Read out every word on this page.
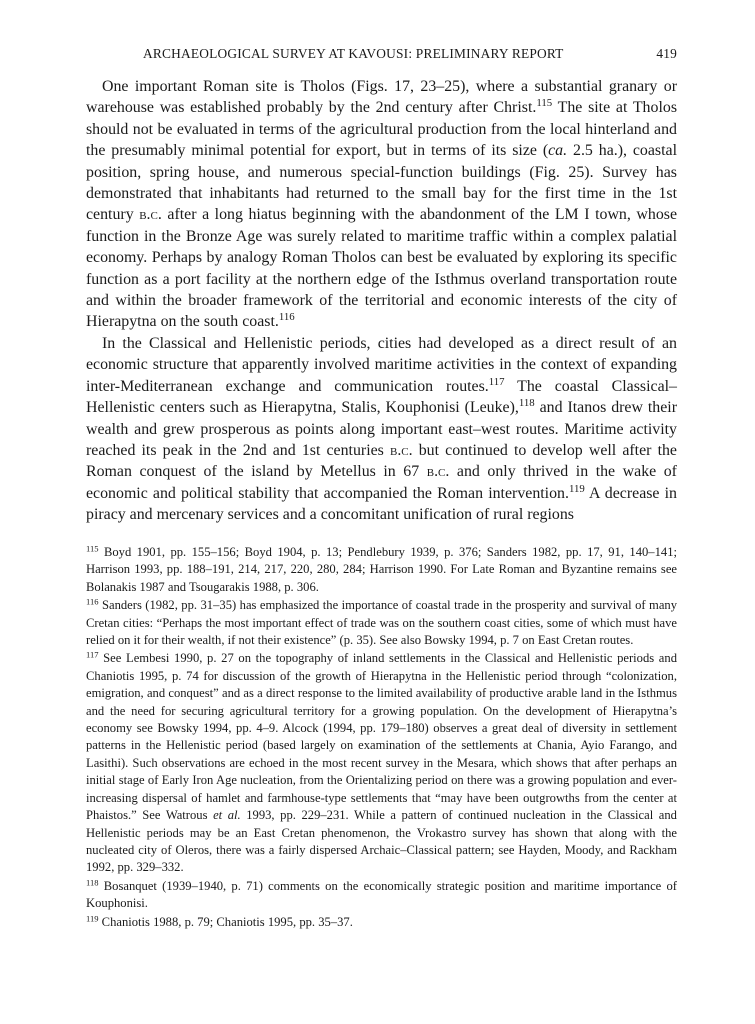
ARCHAEOLOGICAL SURVEY AT KAVOUSI: PRELIMINARY REPORT	419

One important Roman site is Tholos (Figs. 17, 23–25), where a substantial granary or warehouse was established probably by the 2nd century after Christ.$^{115}$ The site at Tholos should not be evaluated in terms of the agricultural production from the local hinterland and the presumably minimal potential for export, but in terms of its size (ca. 2.5 ha.), coastal position, spring house, and numerous special-function buildings (Fig. 25). Survey has demonstrated that inhabitants had returned to the small bay for the first time in the 1st century b.c. after a long hiatus beginning with the abandonment of the LM I town, whose function in the Bronze Age was surely related to maritime traffic within a complex palatial economy. Perhaps by analogy Roman Tholos can best be evaluated by exploring its specific function as a port facility at the northern edge of the Isthmus overland transportation route and within the broader framework of the territorial and economic interests of the city of Hierapytna on the south coast.$^{116}$

In the Classical and Hellenistic periods, cities had developed as a direct result of an economic structure that apparently involved maritime activities in the context of expanding inter-Mediterranean exchange and communication routes.$^{117}$ The coastal Classical–Hellenistic centers such as Hierapytna, Stalis, Kouphonisi (Leuke),$^{118}$ and Itanos drew their wealth and grew prosperous as points along important east–west routes. Maritime activity reached its peak in the 2nd and 1st centuries b.c. but continued to develop well after the Roman conquest of the island by Metellus in 67 b.c. and only thrived in the wake of economic and political stability that accompanied the Roman intervention.$^{119}$ A decrease in piracy and mercenary services and a concomitant unification of rural regions

$^{115}$ Boyd 1901, pp. 155–156; Boyd 1904, p. 13; Pendlebury 1939, p. 376; Sanders 1982, pp. 17, 91, 140–141; Harrison 1993, pp. 188–191, 214, 217, 220, 280, 284; Harrison 1990. For Late Roman and Byzantine remains see Bolanakis 1987 and Tsougarakis 1988, p. 306.

$^{116}$ Sanders (1982, pp. 31–35) has emphasized the importance of coastal trade in the prosperity and survival of many Cretan cities: “Perhaps the most important effect of trade was on the southern coast cities, some of which must have relied on it for their wealth, if not their existence” (p. 35). See also Bowsky 1994, p. 7 on East Cretan routes.

$^{117}$ See Lembesi 1990, p. 27 on the topography of inland settlements in the Classical and Hellenistic periods and Chaniotis 1995, p. 74 for discussion of the growth of Hierapytna in the Hellenistic period through “colonization, emigration, and conquest” and as a direct response to the limited availability of productive arable land in the Isthmus and the need for securing agricultural territory for a growing population. On the development of Hierapytna’s economy see Bowsky 1994, pp. 4–9. Alcock (1994, pp. 179–180) observes a great deal of diversity in settlement patterns in the Hellenistic period (based largely on examination of the settlements at Chania, Ayio Farango, and Lasithi). Such observations are echoed in the most recent survey in the Mesara, which shows that after perhaps an initial stage of Early Iron Age nucleation, from the Orientalizing period on there was a growing population and ever-increasing dispersal of hamlet and farmhouse-type settlements that “may have been outgrowths from the center at Phaistos.” See Watrous et al. 1993, pp. 229–231. While a pattern of continued nucleation in the Classical and Hellenistic periods may be an East Cretan phenomenon, the Vrokastro survey has shown that along with the nucleated city of Oleros, there was a fairly dispersed Archaic–Classical pattern; see Hayden, Moody, and Rackham 1992, pp. 329–332.

$^{118}$ Bosanquet (1939–1940, p. 71) comments on the economically strategic position and maritime importance of Kouphonisi.

$^{119}$ Chaniotis 1988, p. 79; Chaniotis 1995, pp. 35–37.
